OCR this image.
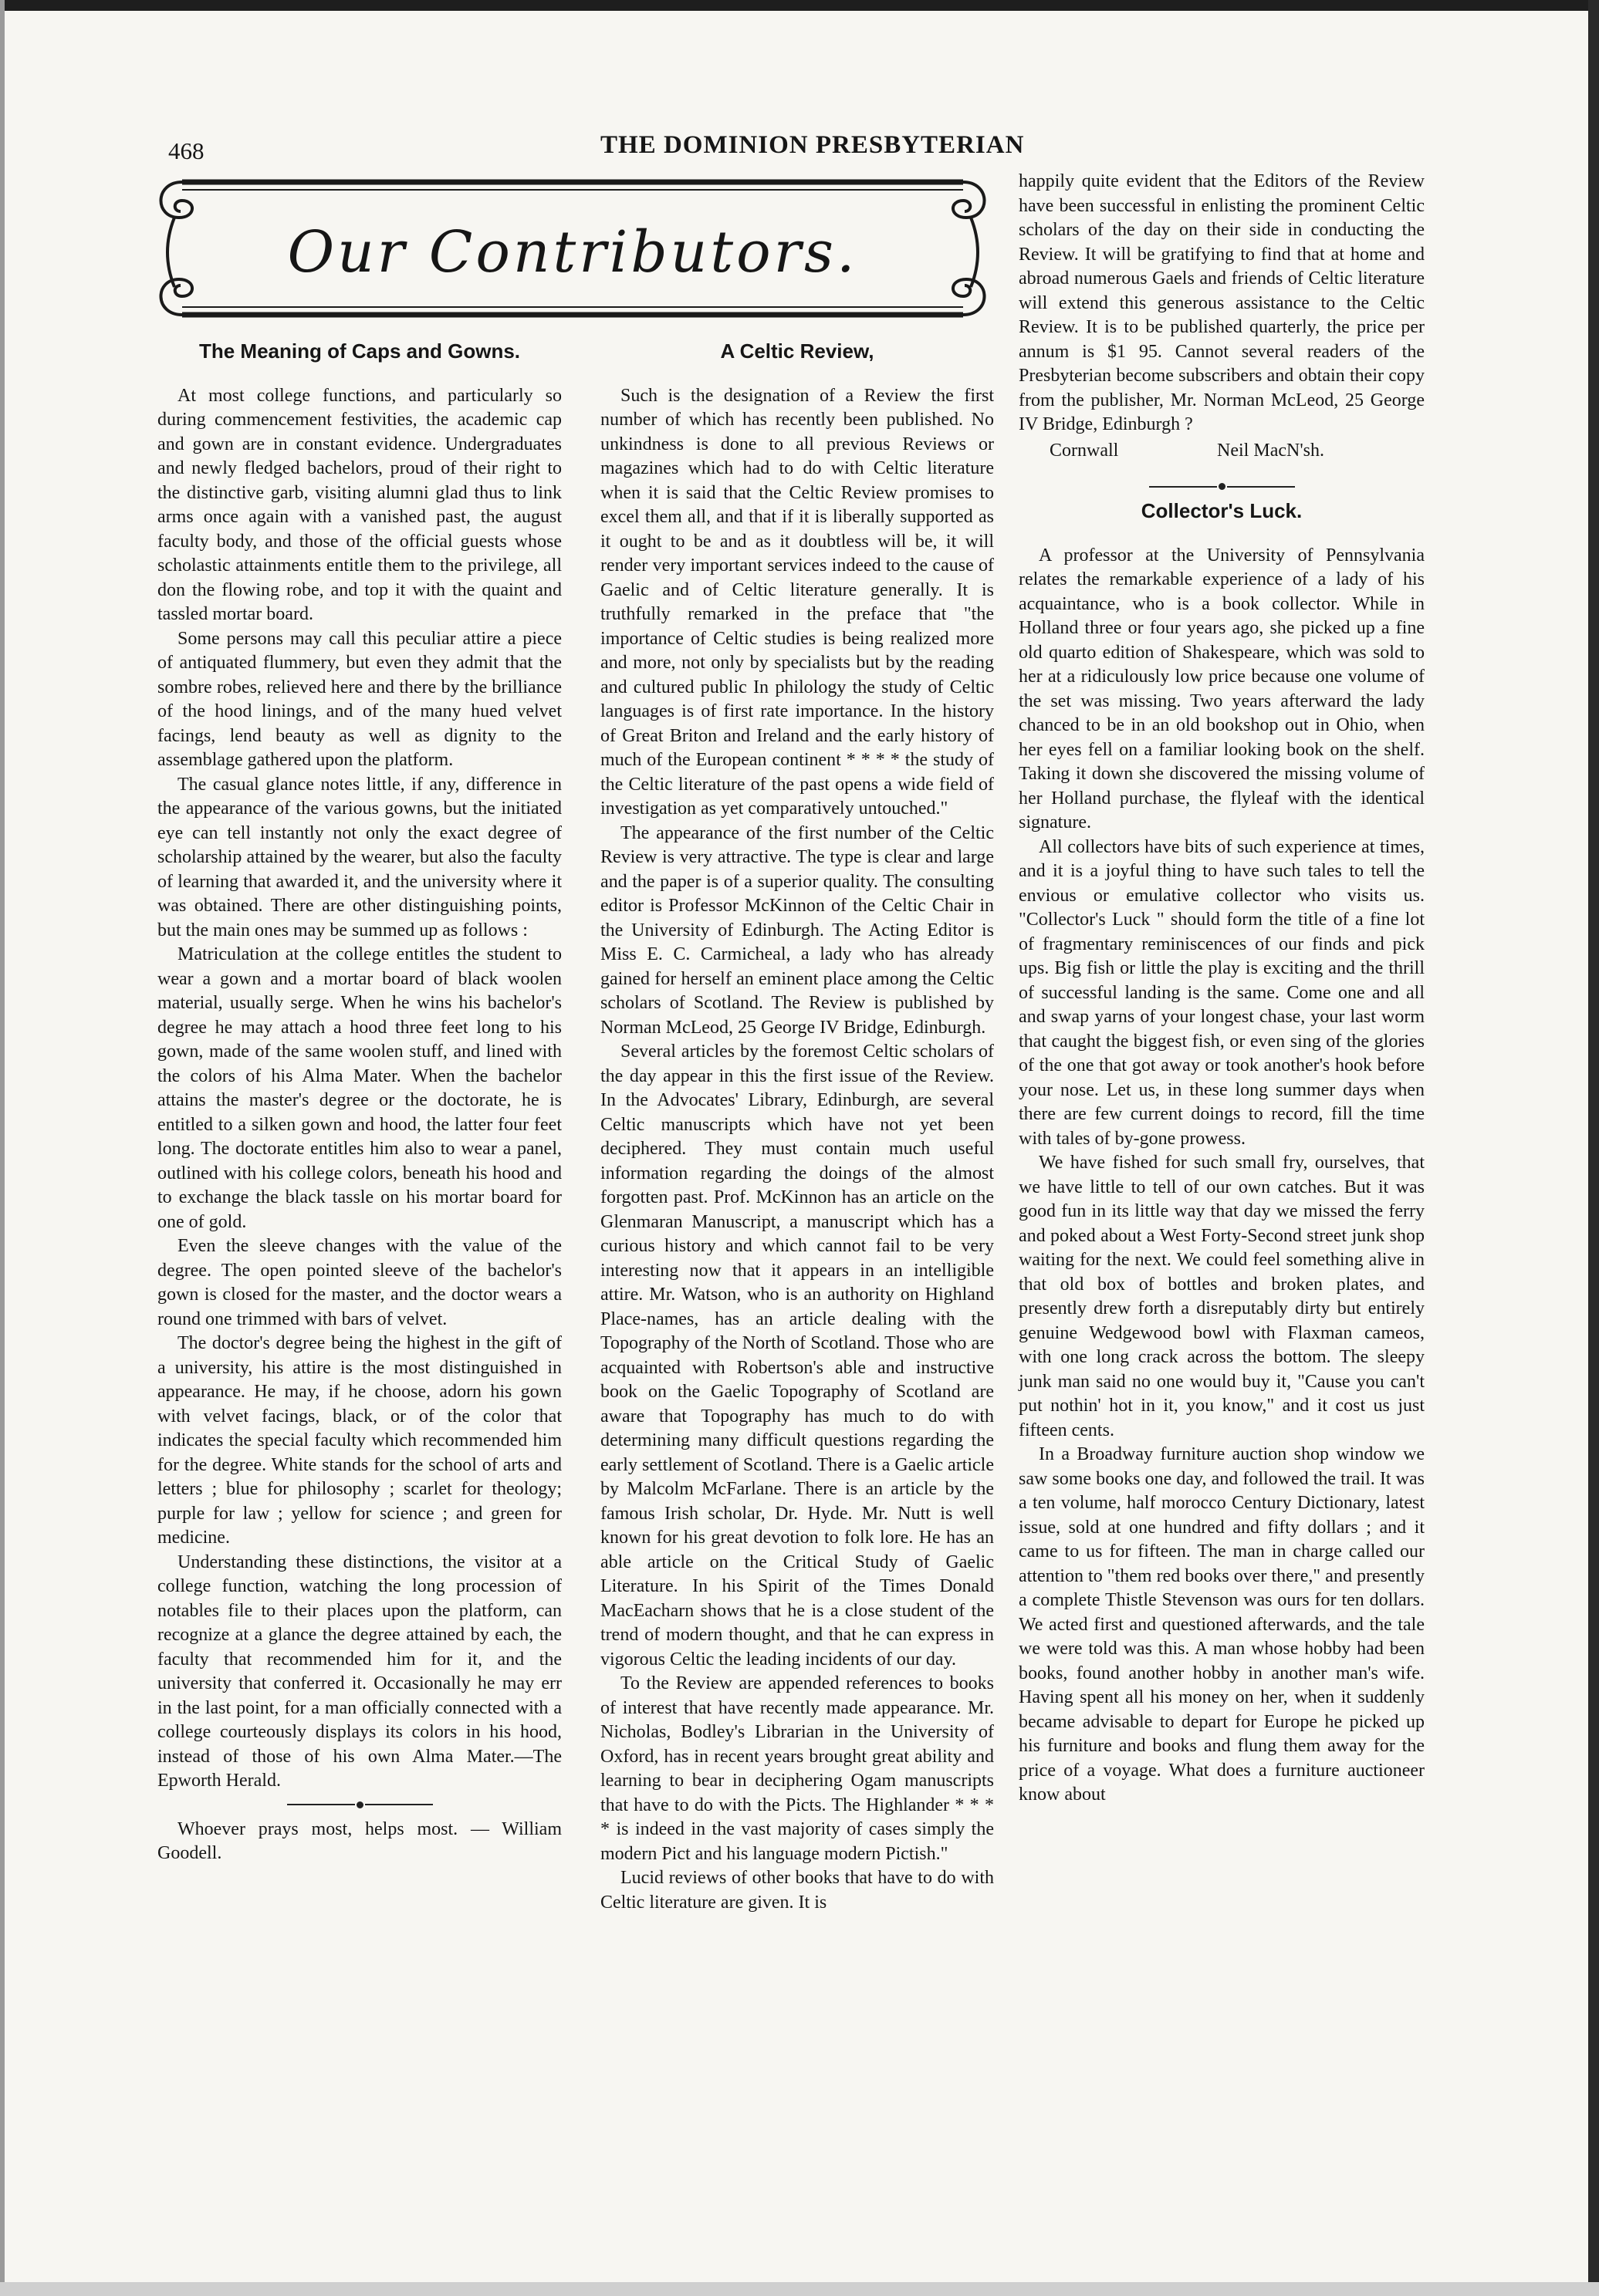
468	THE DOMINION PRESBYTERIAN
Our Contributors.
The Meaning of Caps and Gowns.

At most college functions, and particularly so during commencement festivities, the academic cap and gown are in constant evidence. Undergraduates and newly fledged bachelors, proud of their right to the distinctive garb, visiting alumni glad thus to link arms once again with a vanished past, the august faculty body, and those of the official guests whose scholastic attainments entitle them to the privilege, all don the flowing robe, and top it with the quaint and tassled mortar board.

Some persons may call this peculiar attire a piece of antiquated flummery, but even they admit that the sombre robes, relieved here and there by the brilliance of the hood linings, and of the many hued velvet facings, lend beauty as well as dignity to the assemblage gathered upon the platform.

The casual glance notes little, if any, difference in the appearance of the various gowns, but the initiated eye can tell instantly not only the exact degree of scholarship attained by the wearer, but also the faculty of learning that awarded it, and the university where it was obtained. There are other distinguishing points, but the main ones may be summed up as follows :

Matriculation at the college entitles the student to wear a gown and a mortar board of black woolen material, usually serge. When he wins his bachelor's degree he may attach a hood three feet long to his gown, made of the same woolen stuff, and lined with the colors of his Alma Mater. When the bachelor attains the master's degree or the doctorate, he is entitled to a silken gown and hood, the latter four feet long. The doctorate entitles him also to wear a panel, outlined with his college colors, beneath his hood and to exchange the black tassle on his mortar board for one of gold.

Even the sleeve changes with the value of the degree. The open pointed sleeve of the bachelor's gown is closed for the master, and the doctor wears a round one trimmed with bars of velvet.

The doctor's degree being the highest in the gift of a university, his attire is the most distinguished in appearance. He may, if he choose, adorn his gown with velvet facings, black, or of the color that indicates the special faculty which recommended him for the degree. White stands for the school of arts and letters ; blue for philosophy ; scarlet for theology; purple for law ; yellow for science ; and green for medicine.

Understanding these distinctions, the visitor at a college function, watching the long procession of notables file to their places upon the platform, can recognize at a glance the degree attained by each, the faculty that recommended him for it, and the university that conferred it. Occasionally he may err in the last point, for a man officially connected with a college courteously displays its colors in his hood, instead of those of his own Alma Mater.—The Epworth Herald.

Whoever prays most, helps most. — William Goodell.

A Celtic Review,

Such is the designation of a Review the first number of which has recently been published. No unkindness is done to all previous Reviews or magazines which had to do with Celtic literature when it is said that the Celtic Review promises to excel them all, and that if it is liberally supported as it ought to be and as it doubtless will be, it will render very important services indeed to the cause of Gaelic and of Celtic literature generally. It is truthfully remarked in the preface that "the importance of Celtic studies is being realized more and more, not only by specialists but by the reading and cultured public In philology the study of Celtic languages is of first rate importance. In the history of Great Briton and Ireland and the early history of much of the European continent * * * * the study of the Celtic literature of the past opens a wide field of investigation as yet comparatively untouched."

The appearance of the first number of the Celtic Review is very attractive. The type is clear and large and the paper is of a superior quality. The consulting editor is Professor McKinnon of the Celtic Chair in the University of Edinburgh. The Acting Editor is Miss E. C. Carmicheal, a lady who has already gained for herself an eminent place among the Celtic scholars of Scotland. The Review is published by Norman McLeod, 25 George IV Bridge, Edinburgh.

Several articles by the foremost Celtic scholars of the day appear in this the first issue of the Review. In the Advocates' Library, Edinburgh, are several Celtic manuscripts which have not yet been deciphered. They must contain much useful information regarding the doings of the almost forgotten past. Prof. McKinnon has an article on the Glenmaran Manuscript, a manuscript which has a curious history and which cannot fail to be very interesting now that it appears in an intelligible attire. Mr. Watson, who is an authority on Highland Place-names, has an article dealing with the Topography of the North of Scotland. Those who are acquainted with Robertson's able and instructive book on the Gaelic Topography of Scotland are aware that Topography has much to do with determining many difficult questions regarding the early settlement of Scotland. There is a Gaelic article by Malcolm McFarlane. There is an article by the famous Irish scholar, Dr. Hyde. Mr. Nutt is well known for his great devotion to folk lore. He has an able article on the Critical Study of Gaelic Literature. In his Spirit of the Times Donald MacEacharn shows that he is a close student of the trend of modern thought, and that he can express in vigorous Celtic the leading incidents of our day.

To the Review are appended references to books of interest that have recently made appearance. Mr. Nicholas, Bodley's Librarian in the University of Oxford, has in recent years brought great ability and learning to bear in deciphering Ogam manuscripts that have to do with the Picts. The Highlander * * * * is indeed in the vast majority of cases simply the modern Pict and his language modern Pictish."

Lucid reviews of other books that have to do with Celtic literature are given. It is

happily quite evident that the Editors of the Review have been successful in enlisting the prominent Celtic scholars of the day on their side in conducting the Review. It will be gratifying to find that at home and abroad numerous Gaels and friends of Celtic literature will extend this generous assistance to the Celtic Review. It is to be published quarterly, the price per annum is $1 95. Cannot several readers of the Presbyterian become subscribers and obtain their copy from the publisher, Mr. Norman McLeod, 25 George IV Bridge, Edinburgh ?

Cornwall	Neil MacN'sh.
Collector's Luck.

A professor at the University of Pennsylvania relates the remarkable experience of a lady of his acquaintance, who is a book collector. While in Holland three or four years ago, she picked up a fine old quarto edition of Shakespeare, which was sold to her at a ridiculously low price because one volume of the set was missing. Two years afterward the lady chanced to be in an old bookshop out in Ohio, when her eyes fell on a familiar looking book on the shelf. Taking it down she discovered the missing volume of her Holland purchase, the flyleaf with the identical signature.

All collectors have bits of such experience at times, and it is a joyful thing to have such tales to tell the envious or emulative collector who visits us. "Collector's Luck " should form the title of a fine lot of fragmentary reminiscences of our finds and pick ups. Big fish or little the play is exciting and the thrill of successful landing is the same. Come one and all and swap yarns of your longest chase, your last worm that caught the biggest fish, or even sing of the glories of the one that got away or took another's hook before your nose. Let us, in these long summer days when there are few current doings to record, fill the time with tales of by-gone prowess.

We have fished for such small fry, ourselves, that we have little to tell of our own catches. But it was good fun in its little way that day we missed the ferry and poked about a West Forty-Second street junk shop waiting for the next. We could feel something alive in that old box of bottles and broken plates, and presently drew forth a disreputably dirty but entirely genuine Wedgewood bowl with Flaxman cameos, with one long crack across the bottom. The sleepy junk man said no one would buy it, "Cause you can't put nothin' hot in it, you know," and it cost us just fifteen cents.

In a Broadway furniture auction shop window we saw some books one day, and followed the trail. It was a ten volume, half morocco Century Dictionary, latest issue, sold at one hundred and fifty dollars ; and it came to us for fifteen. The man in charge called our attention to "them red books over there," and presently a complete Thistle Stevenson was ours for ten dollars. We acted first and questioned afterwards, and the tale we were told was this. A man whose hobby had been books, found another hobby in another man's wife. Having spent all his money on her, when it suddenly became advisable to depart for Europe he picked up his furniture and books and flung them away for the price of a voyage. What does a furniture auctioneer know about
